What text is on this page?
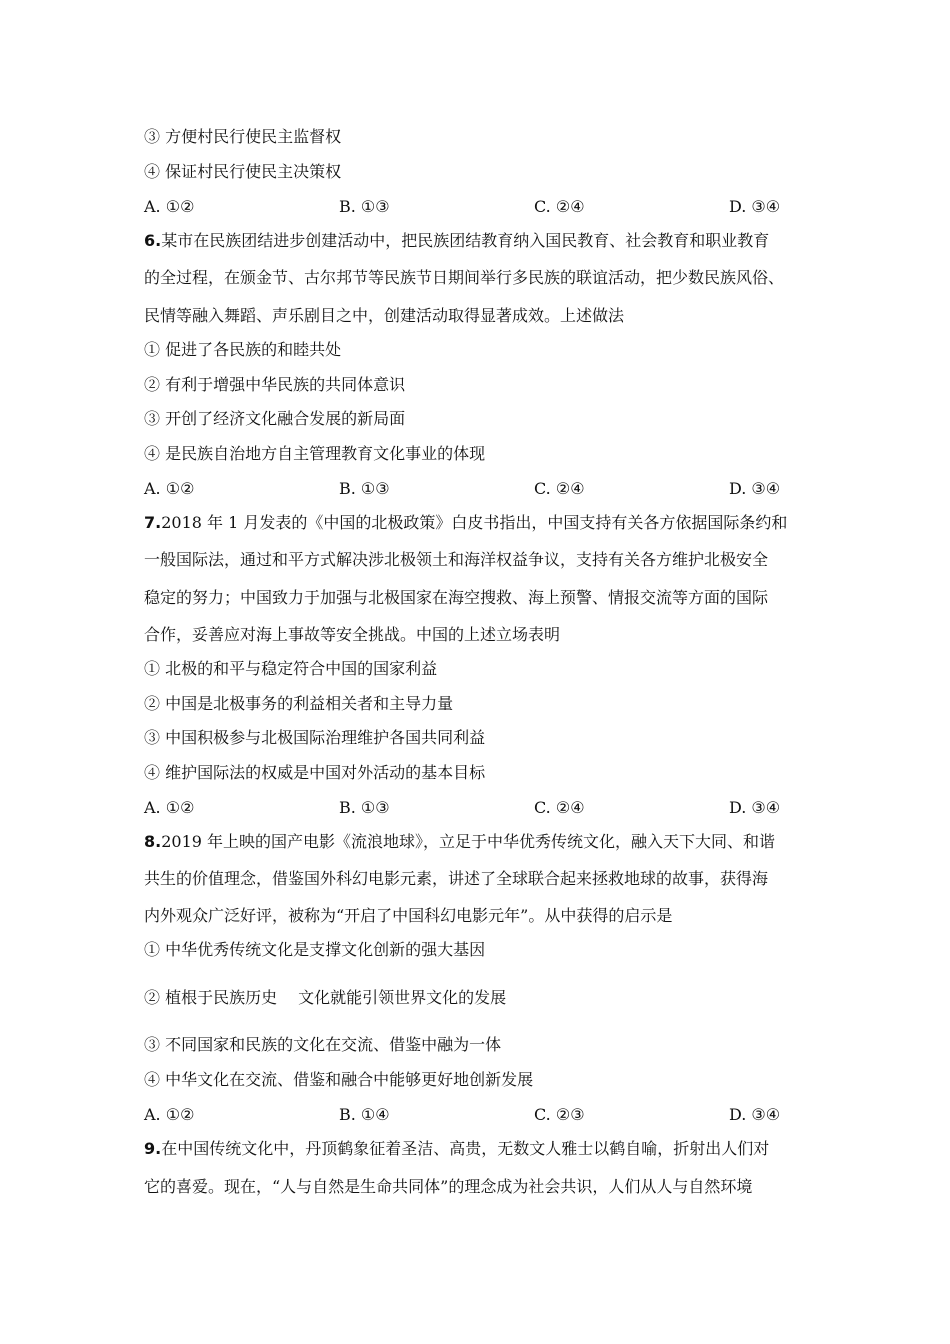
③ 方便村民行使民主监督权
④ 保证村民行使民主决策权
A. ①②	B. ①③	C. ②④	D. ③④
6.某市在民族团结进步创建活动中，把民族团结教育纳入国民教育、社会教育和职业教育
的全过程，在颁金节、古尔邦节等民族节日期间举行多民族的联谊活动，把少数民族风俗、
民情等融入舞蹈、声乐剧目之中，创建活动取得显著成效。上述做法
① 促进了各民族的和睦共处
② 有利于增强中华民族的共同体意识
③ 开创了经济文化融合发展的新局面
④ 是民族自治地方自主管理教育文化事业的体现
A. ①②	B. ①③	C. ②④	D. ③④
7.2018 年 1 月发表的《中国的北极政策》白皮书指出，中国支持有关各方依据国际条约和
一般国际法，通过和平方式解决涉北极领土和海洋权益争议，支持有关各方维护北极安全
稳定的努力；中国致力于加强与北极国家在海空搜救、海上预警、情报交流等方面的国际
合作，妥善应对海上事故等安全挑战。中国的上述立场表明
① 北极的和平与稳定符合中国的国家利益
② 中国是北极事务的利益相关者和主导力量
③ 中国积极参与北极国际治理维护各国共同利益
④ 维护国际法的权威是中国对外活动的基本目标
A. ①②	B. ①③	C. ②④	D. ③④
8.2019 年上映的国产电影《流浪地球》，立足于中华优秀传统文化，融入天下大同、和谐
共生的价值理念，借鉴国外科幻电影元素，讲述了全球联合起来拯救地球的故事，获得海
内外观众广泛好评，被称为“开启了中国科幻电影元年”。从中获得的启示是
① 中华优秀传统文化是支撑文化创新的强大基因
② 植根于民族历史　 文化就能引领世界文化的发展
③ 不同国家和民族的文化在交流、借鉴中融为一体
④ 中华文化在交流、借鉴和融合中能够更好地创新发展
A. ①②	B. ①④	C. ②③	D. ③④
9.在中国传统文化中，丹顶鹤象征着圣洁、高贵，无数文人雅士以鹤自喻，折射出人们对
它的喜爱。现在，“人与自然是生命共同体”的理念成为社会共识，人们从人与自然环境
